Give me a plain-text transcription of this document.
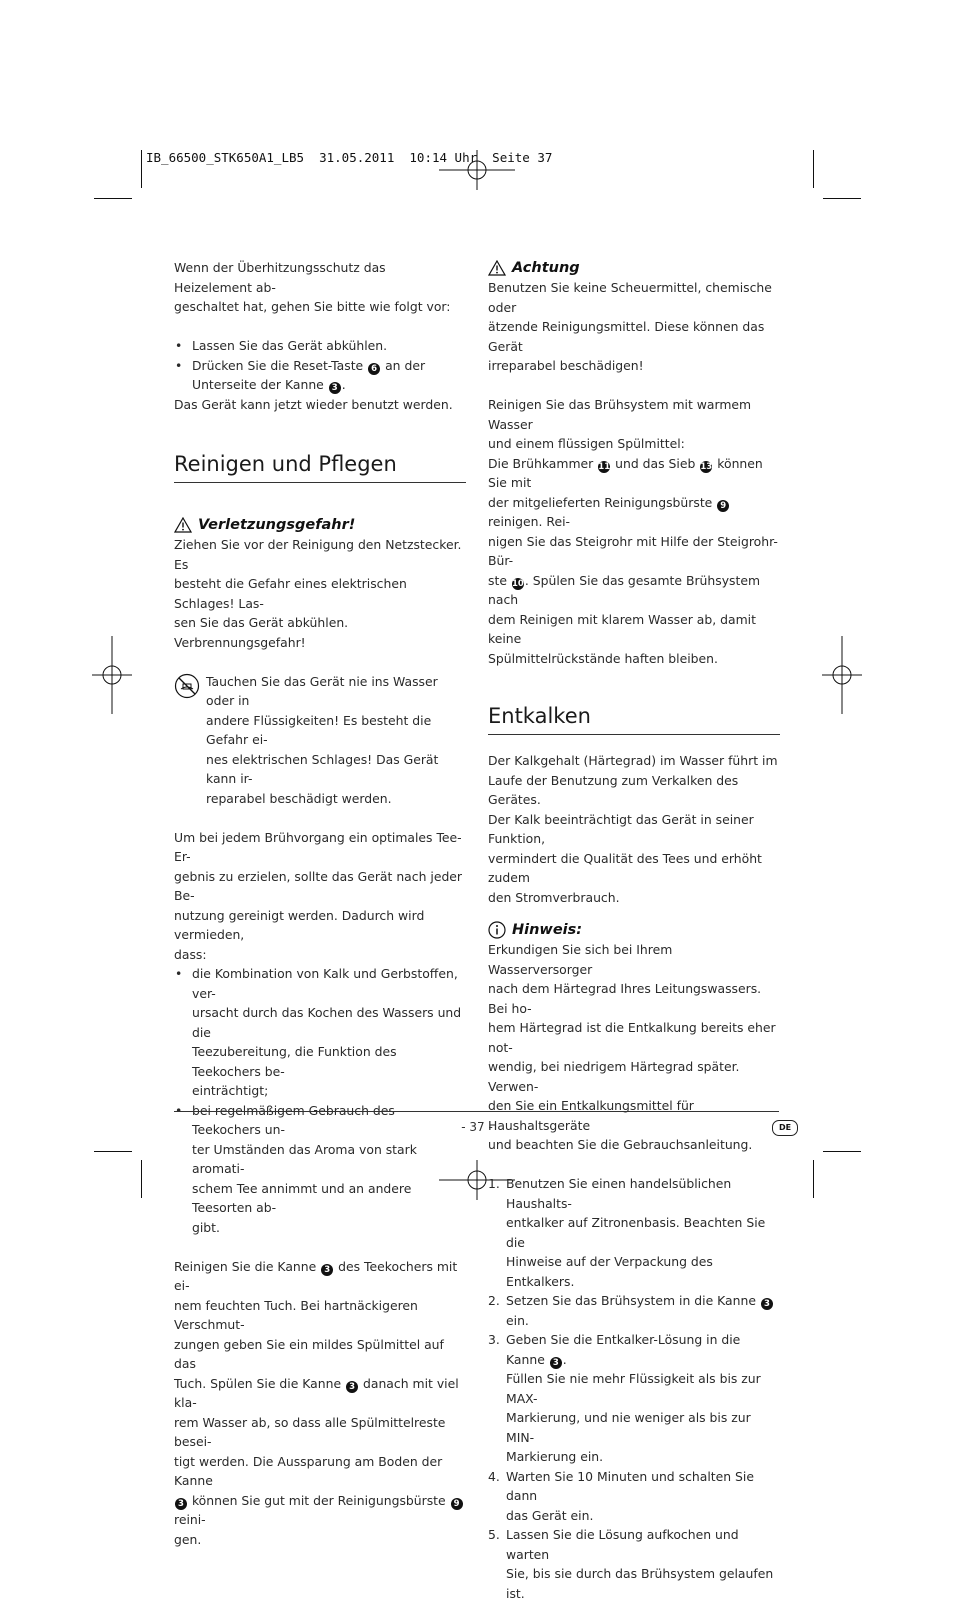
IB_66500_STK650A1_LB5  31.05.2011  10:14 Uhr  Seite 37

Wenn der Überhitzungsschutz das Heizelement ab-

geschaltet hat, gehen Sie bitte wie folgt vor:

• Lassen Sie das Gerät abkühlen.
• Drücken Sie die Reset-Taste 6 an der
Unterseite der Kanne 3 .

Das Gerät kann jetzt wieder benutzt werden.

Reinigen und Pflegen
Verletzungsgefahr!

Ziehen Sie vor der Reinigung den Netzstecker. Es

besteht die Gefahr eines elektrischen Schlages! Las-

sen Sie das Gerät abkühlen. Verbrennungsgefahr!

Tauchen Sie das Gerät nie ins Wasser oder in

andere Flüssigkeiten! Es besteht die Gefahr ei-

nes elektrischen Schlages! Das Gerät kann ir-

reparabel beschädigt werden.

Um bei jedem Brühvorgang ein optimales Tee-Er-

gebnis zu erzielen, sollte das Gerät nach jeder Be-

nutzung gereinigt werden. Dadurch wird vermieden,

dass:

• die Kombination von Kalk und Gerbstoffen, ver-
ursacht durch das Kochen des Wassers und die
Teezubereitung, die Funktion des Teekochers be-
einträchtigt;
• bei regelmäßigem Gebrauch des Teekochers un-
ter Umständen das Aroma von stark aromati-
schem Tee annimmt und an andere Teesorten ab-
gibt.

Reinigen Sie die Kanne 3 des Teekochers mit ei-

nem feuchten Tuch. Bei hartnäckigeren Verschmut-

zungen geben Sie ein mildes Spülmittel auf das

Tuch. Spülen Sie die Kanne 3 danach mit viel kla-

rem Wasser ab, so dass alle Spülmittelreste besei-

tigt werden. Die Aussparung am Boden der Kanne

3 können Sie gut mit der Reinigungsbürste 9 reini-

gen.

Achtung

Benutzen Sie keine Scheuermittel, chemische oder

ätzende Reinigungsmittel. Diese können das Gerät

irreparabel beschädigen!

Reinigen Sie das Brühsystem mit warmem Wasser

und einem flüssigen Spülmittel:

Die Brühkammer 11 und das Sieb 13 können Sie mit

der mitgelieferten Reinigungsbürste 9 reinigen. Rei-

nigen Sie das Steigrohr mit Hilfe der Steigrohr-Bür-

ste 10. Spülen Sie das gesamte Brühsystem nach

dem Reinigen mit klarem Wasser ab, damit keine

Spülmittelrückstände haften bleiben.

Entkalken

Der Kalkgehalt (Härtegrad) im Wasser führt im

Laufe der Benutzung zum Verkalken des Gerätes.

Der Kalk beeinträchtigt das Gerät in seiner Funktion,

vermindert die Qualität des Tees und erhöht zudem

den Stromverbrauch.

Hinweis:

Erkundigen Sie sich bei Ihrem Wasserversorger

nach dem Härtegrad Ihres Leitungswassers. Bei ho-

hem Härtegrad ist die Entkalkung bereits eher not-

wendig, bei niedrigem Härtegrad später. Verwen-

den Sie ein Entkalkungsmittel für Haushaltsgeräte

und beachten Sie die Gebrauchsanleitung.

1. Benutzen Sie einen handelsüblichen Haushalts-
entkalker auf Zitronenbasis. Beachten Sie die
Hinweise auf der Verpackung des Entkalkers.
2. Setzen Sie das Brühsystem in die Kanne 3 ein.
3. Geben Sie die Entkalker-Lösung in die Kanne 3 .
Füllen Sie nie mehr Flüssigkeit als bis zur MAX-
Markierung, und nie weniger als bis zur MIN-
Markierung ein.
4. Warten Sie 10 Minuten und schalten Sie dann
das Gerät ein.
5. Lassen Sie die Lösung aufkochen und warten
Sie, bis sie durch das Brühsystem gelaufen ist.
- 37 -	DE
